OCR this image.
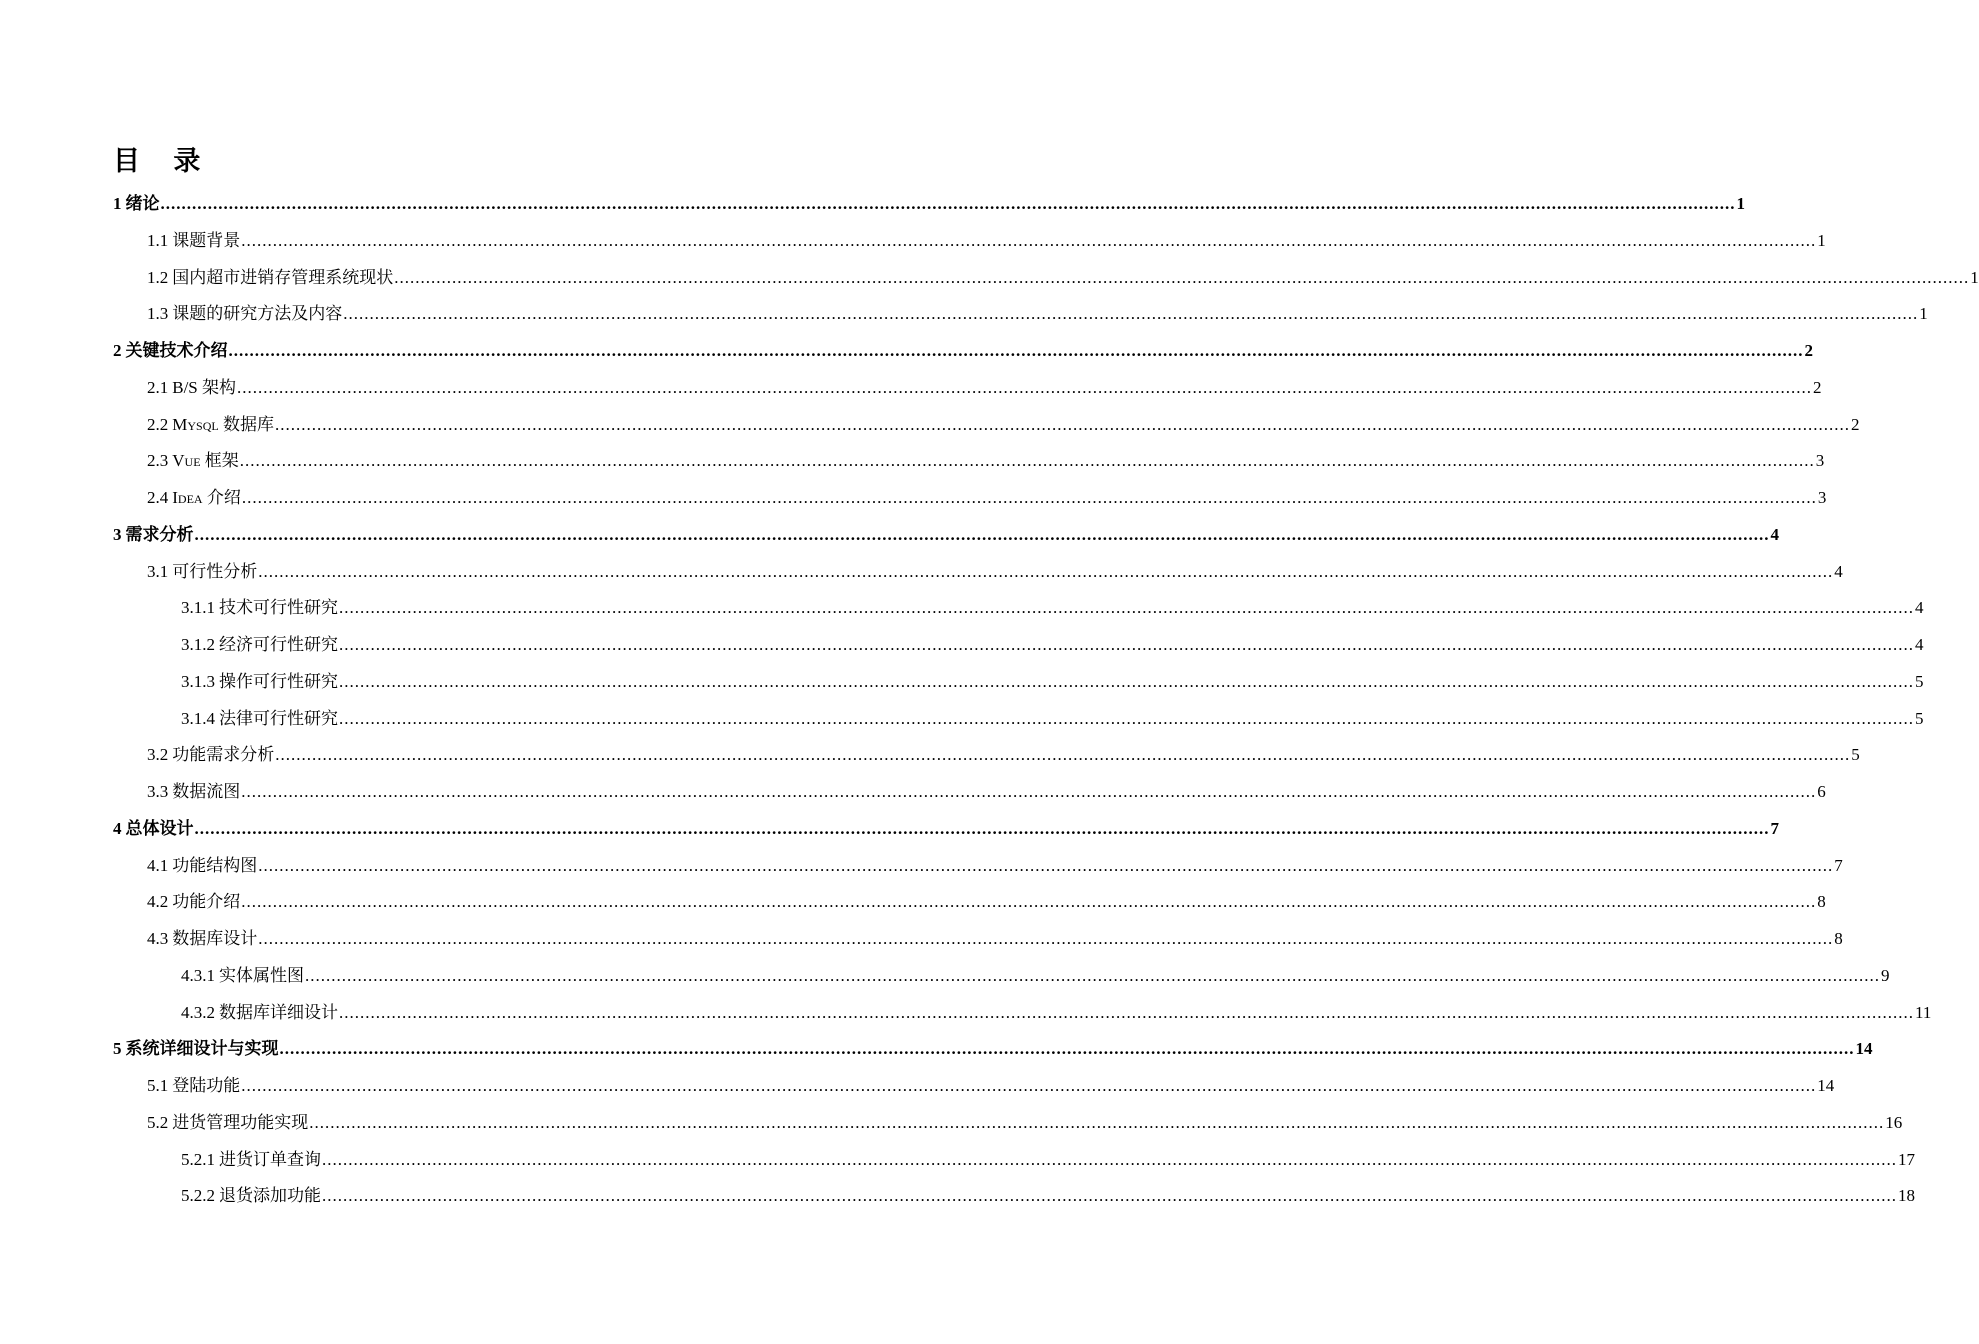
目 录
1 绪论 ............................................................................................................................................................................................................................................................................................................ 1
1.1 课题背景 ............................................................................................................................................................................................................................................................................................................ 1
1.2 国内超市进销存管理系统现状 ............................................................................................................................................................................................................................................................................................................ 1
1.3 课题的研究方法及内容 ............................................................................................................................................................................................................................................................................................................ 1
2 关键技术介绍 ............................................................................................................................................................................................................................................................................................................ 2
2.1 B/S 架构 ............................................................................................................................................................................................................................................................................................................ 2
2.2 Mysql 数据库 ............................................................................................................................................................................................................................................................................................................ 2
2.3 Vue 框架 ............................................................................................................................................................................................................................................................................................................ 3
2.4 Idea 介绍 ............................................................................................................................................................................................................................................................................................................ 3
3 需求分析 ............................................................................................................................................................................................................................................................................................................ 4
3.1 可行性分析 ............................................................................................................................................................................................................................................................................................................ 4
3.1.1 技术可行性研究 ............................................................................................................................................................................................................................................................................................................ 4
3.1.2 经济可行性研究 ............................................................................................................................................................................................................................................................................................................ 4
3.1.3 操作可行性研究 ............................................................................................................................................................................................................................................................................................................ 5
3.1.4 法律可行性研究 ............................................................................................................................................................................................................................................................................................................ 5
3.2 功能需求分析 ............................................................................................................................................................................................................................................................................................................ 5
3.3 数据流图 ............................................................................................................................................................................................................................................................................................................ 6
4 总体设计 ............................................................................................................................................................................................................................................................................................................ 7
4.1 功能结构图 ............................................................................................................................................................................................................................................................................................................ 7
4.2 功能介绍 ............................................................................................................................................................................................................................................................................................................ 8
4.3 数据库设计 ............................................................................................................................................................................................................................................................................................................ 8
4.3.1 实体属性图 ............................................................................................................................................................................................................................................................................................................ 9
4.3.2 数据库详细设计 ............................................................................................................................................................................................................................................................................................................ 11
5 系统详细设计与实现 ............................................................................................................................................................................................................................................................................................................ 14
5.1 登陆功能 ............................................................................................................................................................................................................................................................................................................ 14
5.2 进货管理功能实现 ............................................................................................................................................................................................................................................................................................................ 16
5.2.1 进货订单查询 ............................................................................................................................................................................................................................................................................................................ 17
5.2.2 退货添加功能 ............................................................................................................................................................................................................................................................................................................ 18
